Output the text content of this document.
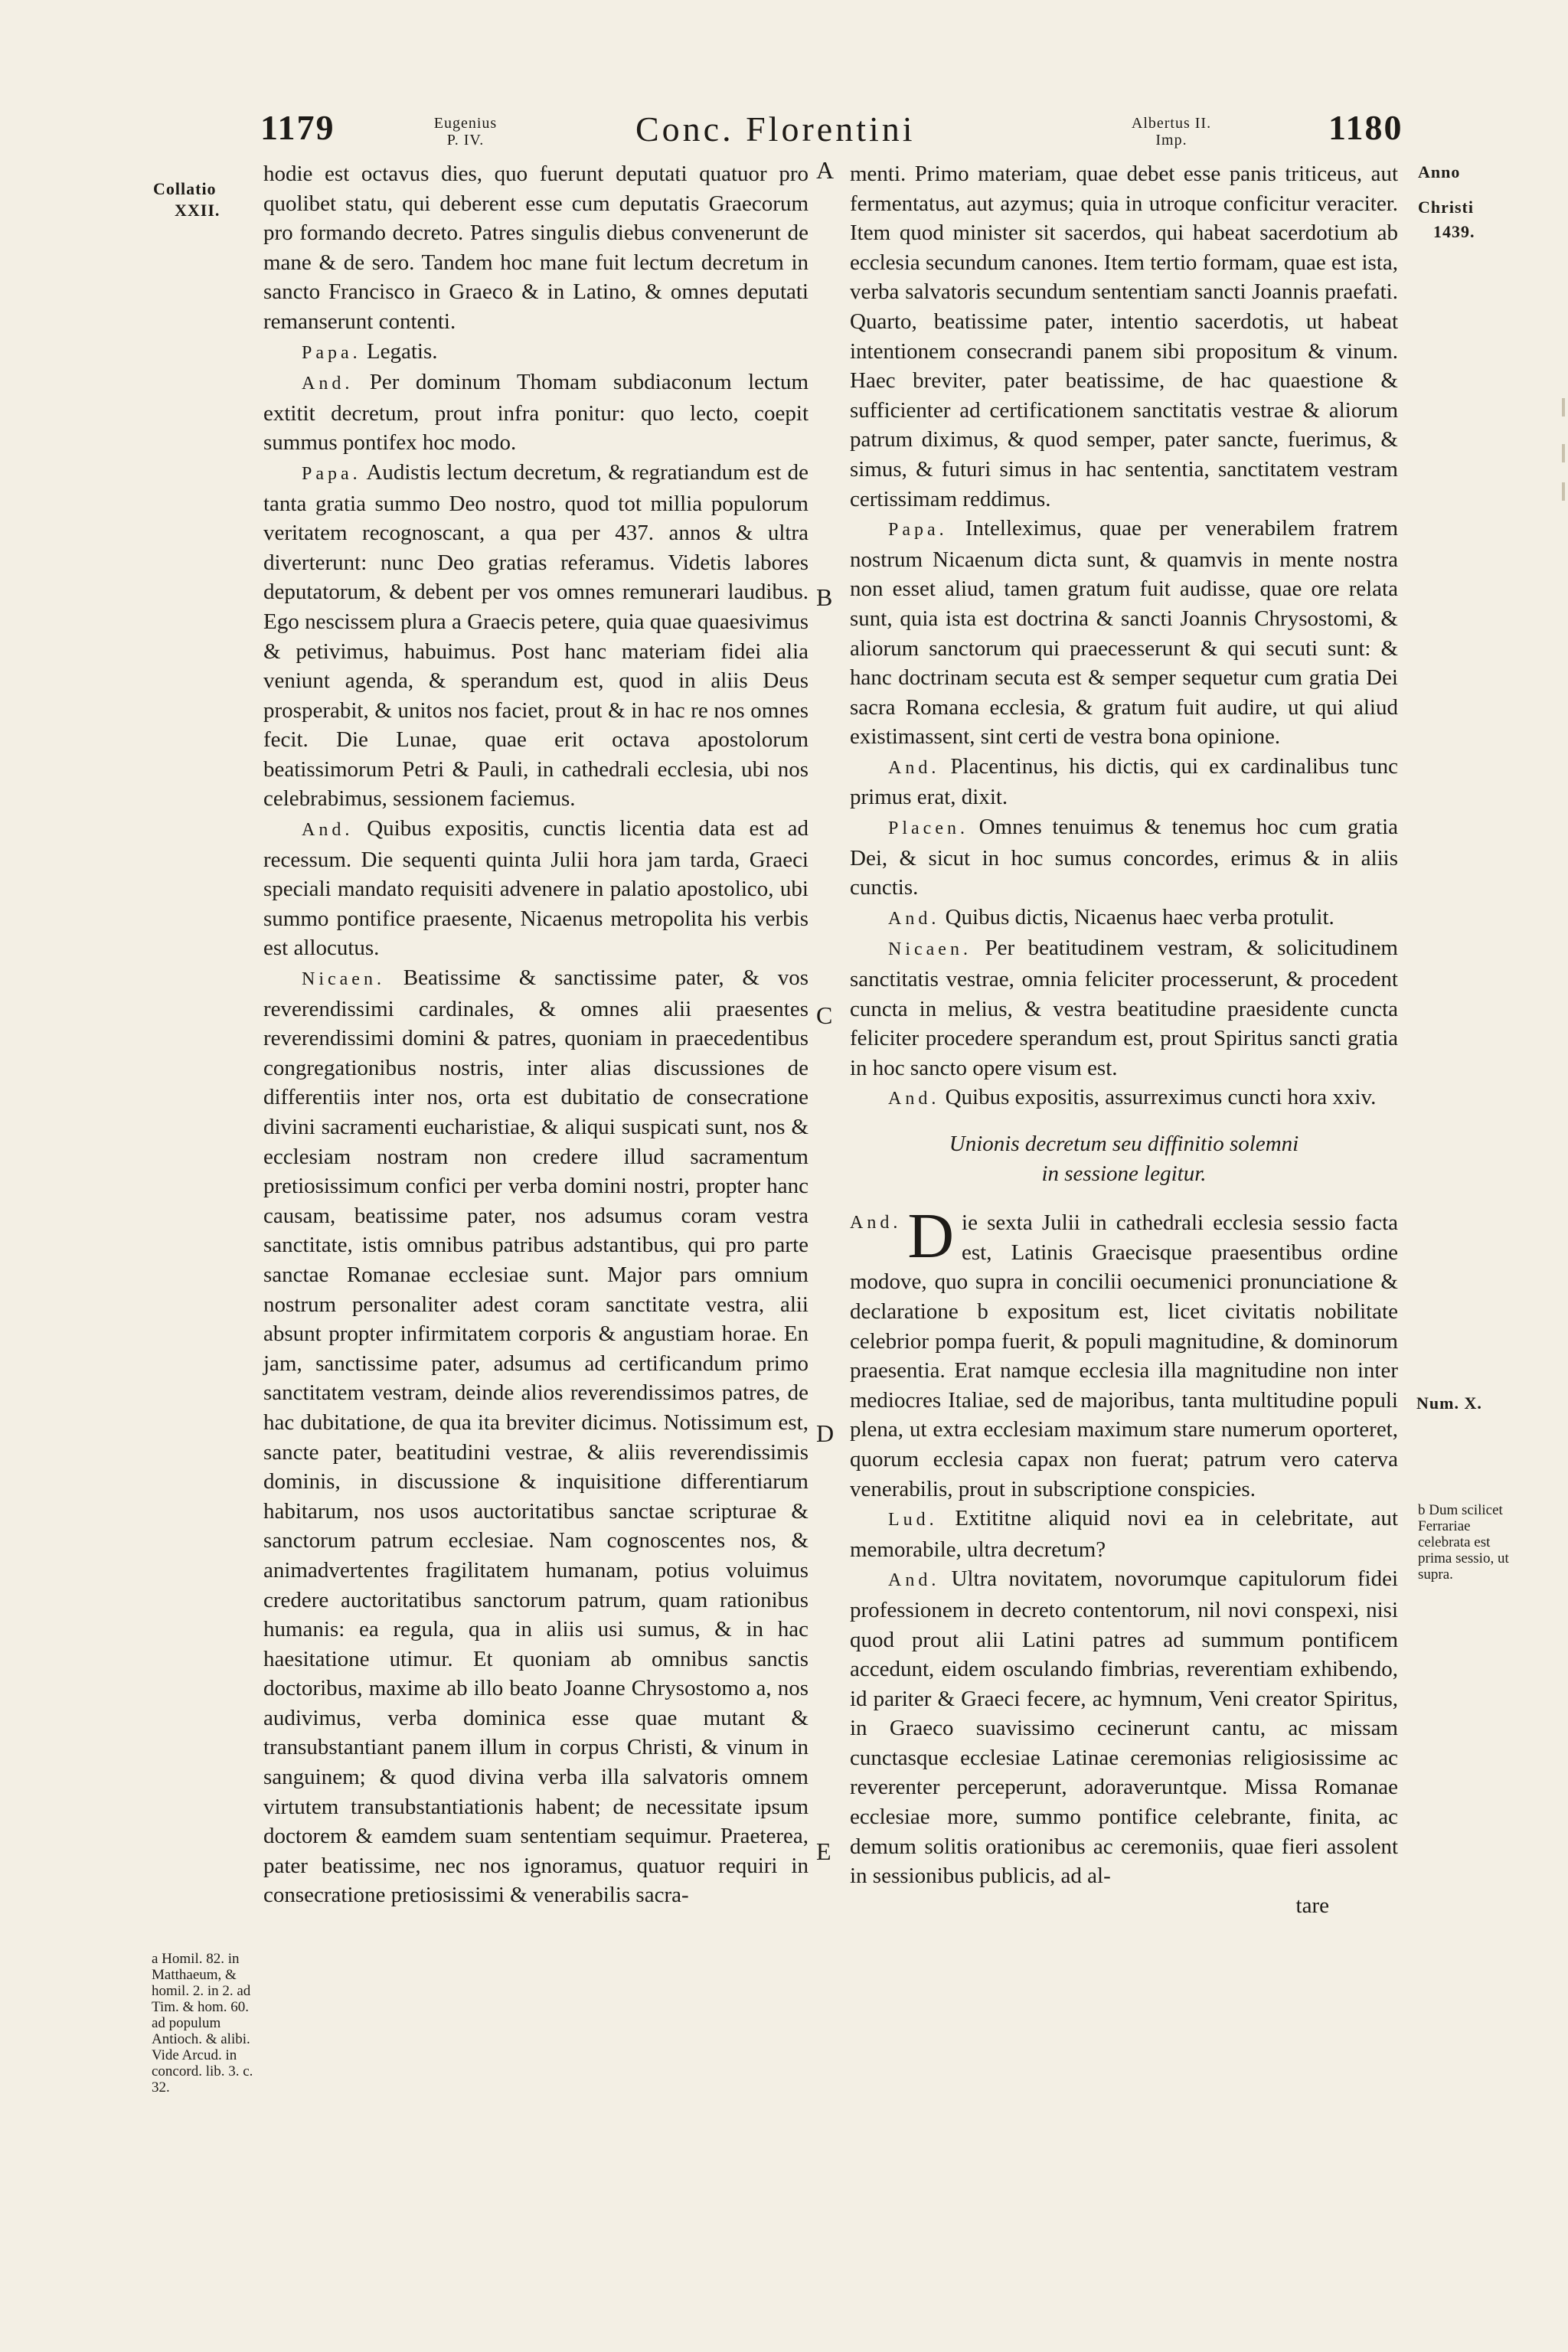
1179	Eugenius
P. IV.	Conc. Florentini	Albertus II.
Imp.	1180
Collatio
XXII.
a Homil. 82. in Matthaeum, & homil. 2. in 2. ad Tim. & hom. 60. ad populum Antioch. & alibi. Vide Arcud. in concord. lib. 3. c. 32.
Anno
Christi
1439.
Num. X.
b Dum scilicet Ferrariae celebrata est prima sessio, ut supra.
A
B
C
D
E

hodie est octavus dies, quo fuerunt deputati quatuor pro quolibet statu, qui deberent esse cum deputatis Graecorum pro formando decreto. Patres singulis diebus convenerunt de mane & de sero. Tandem hoc mane fuit lectum decretum in sancto Francisco in Graeco & in Latino, & omnes deputati remanserunt contenti.

Papa. Legatis.

And. Per dominum Thomam subdiaconum lectum extitit decretum, prout infra ponitur: quo lecto, coepit summus pontifex hoc modo.

Papa. Audistis lectum decretum, & regratiandum est de tanta gratia summo Deo nostro, quod tot millia populorum veritatem recognoscant, a qua per 437. annos & ultra diverterunt: nunc Deo gratias referamus. Videtis labores deputatorum, & debent per vos omnes remunerari laudibus. Ego nescissem plura a Graecis petere, quia quae quaesivimus & petivimus, habuimus. Post hanc materiam fidei alia veniunt agenda, & sperandum est, quod in aliis Deus prosperabit, & unitos nos faciet, prout & in hac re nos omnes fecit. Die Lunae, quae erit octava apostolorum beatissimorum Petri & Pauli, in cathedrali ecclesia, ubi nos celebrabimus, sessionem faciemus.

And. Quibus expositis, cunctis licentia data est ad recessum. Die sequenti quinta Julii hora jam tarda, Graeci speciali mandato requisiti advenere in palatio apostolico, ubi summo pontifice praesente, Nicaenus metropolita his verbis est allocutus.

Nicaen. Beatissime & sanctissime pater, & vos reverendissimi cardinales, & omnes alii praesentes reverendissimi domini & patres, quoniam in praecedentibus congregationibus nostris, inter alias discussiones de differentiis inter nos, orta est dubitatio de consecratione divini sacramenti eucharistiae, & aliqui suspicati sunt, nos & ecclesiam nostram non credere illud sacramentum pretiosissimum confici per verba domini nostri, propter hanc causam, beatissime pater, nos adsumus coram vestra sanctitate, istis omnibus patribus adstantibus, qui pro parte sanctae Romanae ecclesiae sunt. Major pars omnium nostrum personaliter adest coram sanctitate vestra, alii absunt propter infirmitatem corporis & angustiam horae. En jam, sanctissime pater, adsumus ad certificandum primo sanctitatem vestram, deinde alios reverendissimos patres, de hac dubitatione, de qua ita breviter dicimus. Notissimum est, sancte pater, beatitudini vestrae, & aliis reverendissimis dominis, in discussione & inquisitione differentiarum habitarum, nos usos auctoritatibus sanctae scripturae & sanctorum patrum ecclesiae. Nam cognoscentes nos, & animadvertentes fragilitatem humanam, potius voluimus credere auctoritatibus sanctorum patrum, quam rationibus humanis: ea regula, qua in aliis usi sumus, & in hac haesitatione utimur. Et quoniam ab omnibus sanctis doctoribus, maxime ab illo beato Joanne Chrysostomo a, nos audivimus, verba dominica esse quae mutant & transubstantiant panem illum in corpus Christi, & vinum in sanguinem; & quod divina verba illa salvatoris omnem virtutem transubstantiationis habent; de necessitate ipsum doctorem & eamdem suam sententiam sequimur. Praeterea, pater beatissime, nec nos ignoramus, quatuor requiri in consecratione pretiosissimi & venerabilis sacra-

menti. Primo materiam, quae debet esse panis triticeus, aut fermentatus, aut azymus; quia in utroque conficitur veraciter. Item quod minister sit sacerdos, qui habeat sacerdotium ab ecclesia secundum canones. Item tertio formam, quae est ista, verba salvatoris secundum sententiam sancti Joannis praefati. Quarto, beatissime pater, intentio sacerdotis, ut habeat intentionem consecrandi panem sibi propositum & vinum. Haec breviter, pater beatissime, de hac quaestione & sufficienter ad certificationem sanctitatis vestrae & aliorum patrum diximus, & quod semper, pater sancte, fuerimus, & simus, & futuri simus in hac sententia, sanctitatem vestram certissimam reddimus.

Papa. Intelleximus, quae per venerabilem fratrem nostrum Nicaenum dicta sunt, & quamvis in mente nostra non esset aliud, tamen gratum fuit audisse, quae ore relata sunt, quia ista est doctrina & sancti Joannis Chrysostomi, & aliorum sanctorum qui praecesserunt & qui secuti sunt: & hanc doctrinam secuta est & semper sequetur cum gratia Dei sacra Romana ecclesia, & gratum fuit audire, ut qui aliud existimassent, sint certi de vestra bona opinione.

And. Placentinus, his dictis, qui ex cardinalibus tunc primus erat, dixit.

Placen. Omnes tenuimus & tenemus hoc cum gratia Dei, & sicut in hoc sumus concordes, erimus & in aliis cunctis.

And. Quibus dictis, Nicaenus haec verba protulit.

Nicaen. Per beatitudinem vestram, & solicitudinem sanctitatis vestrae, omnia feliciter processerunt, & procedent cuncta in melius, & vestra beatitudine praesidente cuncta feliciter procedere sperandum est, prout Spiritus sancti gratia in hoc sancto opere visum est.

And. Quibus expositis, assurreximus cuncti hora xxiv.

Unionis decretum seu diffinitio solemni

in sessione legitur.

And. D ie sexta Julii in cathedrali ecclesia sessio facta est, Latinis Graecisque praesentibus ordine modove, quo supra in concilii oecumenici pronunciatione & declaratione b expositum est, licet civitatis nobilitate celebrior pompa fuerit, & populi magnitudine, & dominorum praesentia. Erat namque ecclesia illa magnitudine non inter mediocres Italiae, sed de majoribus, tanta multitudine populi plena, ut extra ecclesiam maximum stare numerum oporteret, quorum ecclesia capax non fuerat; patrum vero caterva venerabilis, prout in subscriptione conspicies.

Lud. Extititne aliquid novi ea in celebritate, aut memorabile, ultra decretum?

And. Ultra novitatem, novorumque capitulorum fidei professionem in decreto contentorum, nil novi conspexi, nisi quod prout alii Latini patres ad summum pontificem accedunt, eidem osculando fimbrias, reverentiam exhibendo, id pariter & Graeci fecere, ac hymnum, Veni creator Spiritus, in Graeco suavissimo cecinerunt cantu, ac missam cunctasque ecclesiae Latinae ceremonias religiosissime ac reverenter perceperunt, adoraveruntque. Missa Romanae ecclesiae more, summo pontifice celebrante, finita, ac demum solitis orationibus ac ceremoniis, quae fieri assolent in sessionibus publicis, ad al-

tare
